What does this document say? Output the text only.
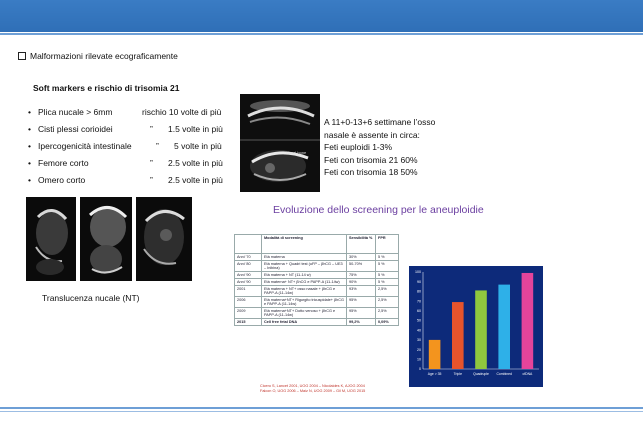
Malformazioni rilevate ecograficamente
Soft markers e rischio di trisomia 21
• Plica nucale > 6mm	rischio 10 volte di più
• Cisti plessi corioidei	” 1.5 volte in più
• Ipercogenicità intestinale	” 5 volte in più
• Femore corto	” 2.5 volte in più
• Omero corto	” 2.5 volte in più
Nasal bone
A 11+0-13+6 settimane l’osso
nasale è assente in circa:
Feti euploidi 1-3%
Feti con trisomia 21 60%
Feti con trisomia 18 50%
Translucenza nucale (NT)
Evoluzione dello screening per le aneuploidie
	Modalità di screening	Sensibilità %	FPR
Anni '70	Età materna	30%	5 %
Anni '80	Età materna + Quadri test (uFP – βhCG – UE3 – Inibina)	50-70%	5 %
Anni '90	Età materna + NT (11-14 w)	75%	5 %
Anni '90	Età materna+ NT+ βhCG e PAPP-A (11-14w)	90%	5 %
2001	Età materna + NT+ osso nasale + βhCG e PAPP-A (11-14w)	93%	2,5%
2006	Età materna+NT+ Rigurgito tricuspidale+ βhCG e PAPP-A (11-14w)	95%	2,5%
2009	Età materna+NT+ Dotto venoso + βhCG e PAPP-A (11-14w)	95%	2,5%
2015	Cell free fetal DNA	99,2%	0,09%
Cicero S, Lancet 2001, UOG 2004 – Nicolaides K, AJOG 2004
Falcon O, UOG 2006 – Maiz N, UOG 2009 – Gil M, UOG 2015
0
10
20
30
40
50
60
70
80
90
100
Age > 35	Triple	Quadruple Combined	cfDNA
